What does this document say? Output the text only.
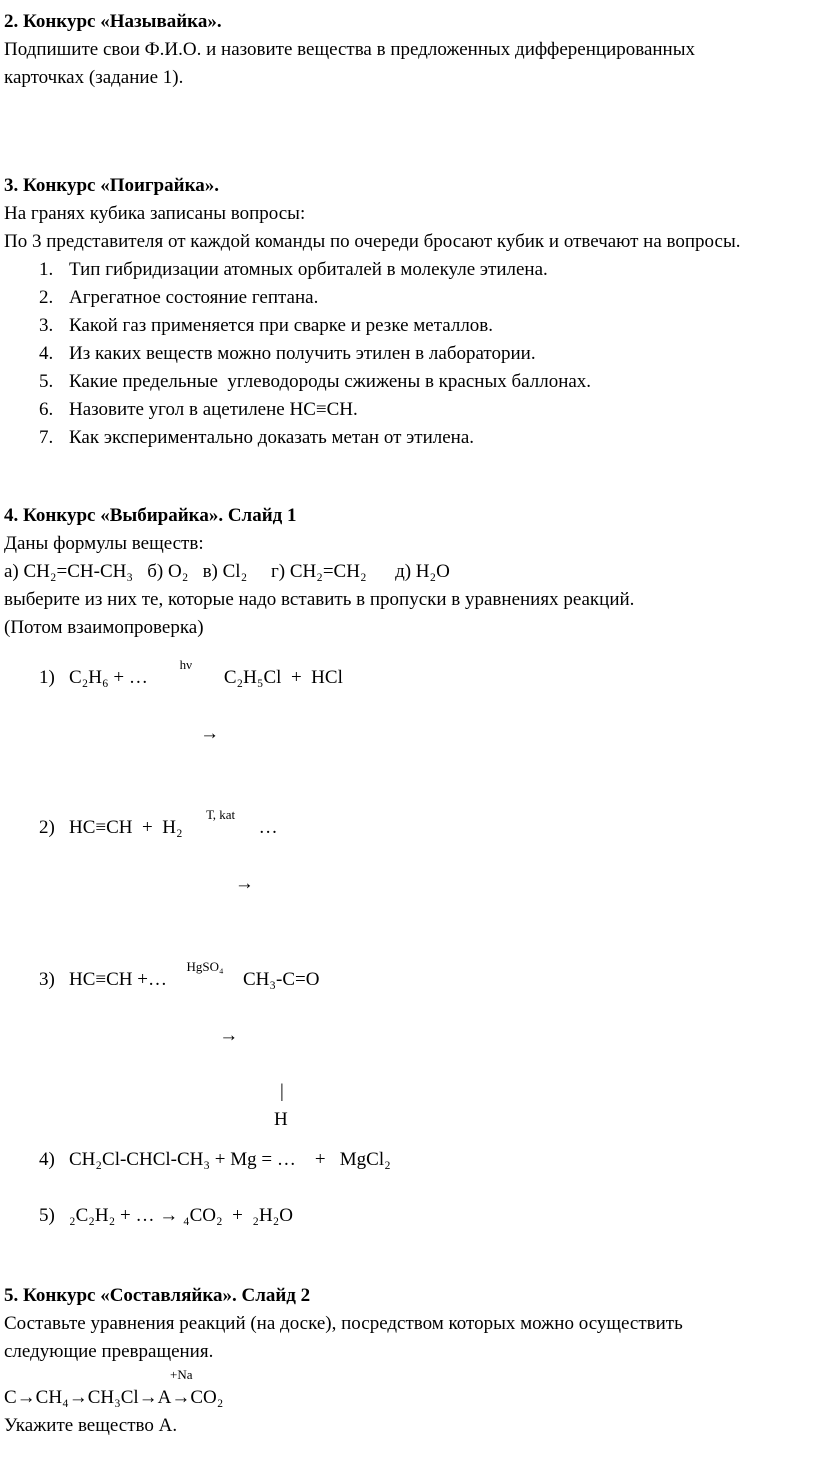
2. Конкурс «Называйка».

Подпишите свои Ф.И.О. и назовите вещества в предложенных дифференцированных карточках (задание 1).

3. Конкурс «Поиграйка».

На гранях кубика записаны вопросы:

По 3 представителя от каждой команды по очереди бросают кубик и отвечают на вопросы.

1. Тип гибридизации атомных орбиталей в молекуле этилена.
2. Агрегатное состояние гептана.
3. Какой газ применяется при сварке и резке металлов.
4. Из каких веществ можно получить этилен в лаборатории.
5. Какие предельные  углеводороды сжижены в красных баллонах.
6. Назовите угол в ацетилене НС≡СН.
7. Как экспериментально доказать метан от этилена.
4. Конкурс «Выбирайка». Слайд 1

Даны формулы веществ:

а) CH₂=CH-CH₃   б) O₂   в) Cl₂     г) CH₂=CH₂      д) H₂O

выберите из них те, которые надо вставить в пропуски в уравнениях реакций.

(Потом взаимопроверка)

1) C₂H₆ + …

hν

→

C₂H₅Cl  +  HCl
2) HC≡CH  +  H₂

Т, kat

→

…
3) HC≡CH +…

HgSO₄

→

CH₃-C=O
|
H
4) CH₂Cl-CHCl-CH₃ + Mg = …    +   MgCl₂
5) ₂C₂H₂ + … → ₄CO₂  +  ₂H₂O
5. Конкурс «Составляйка». Слайд 2

Составьте уравнения реакций (на доске), посредством которых можно осуществить следующие превращения.

+Na
C→CH₄→CH₃Cl→А→CO₂

Укажите вещество А.
